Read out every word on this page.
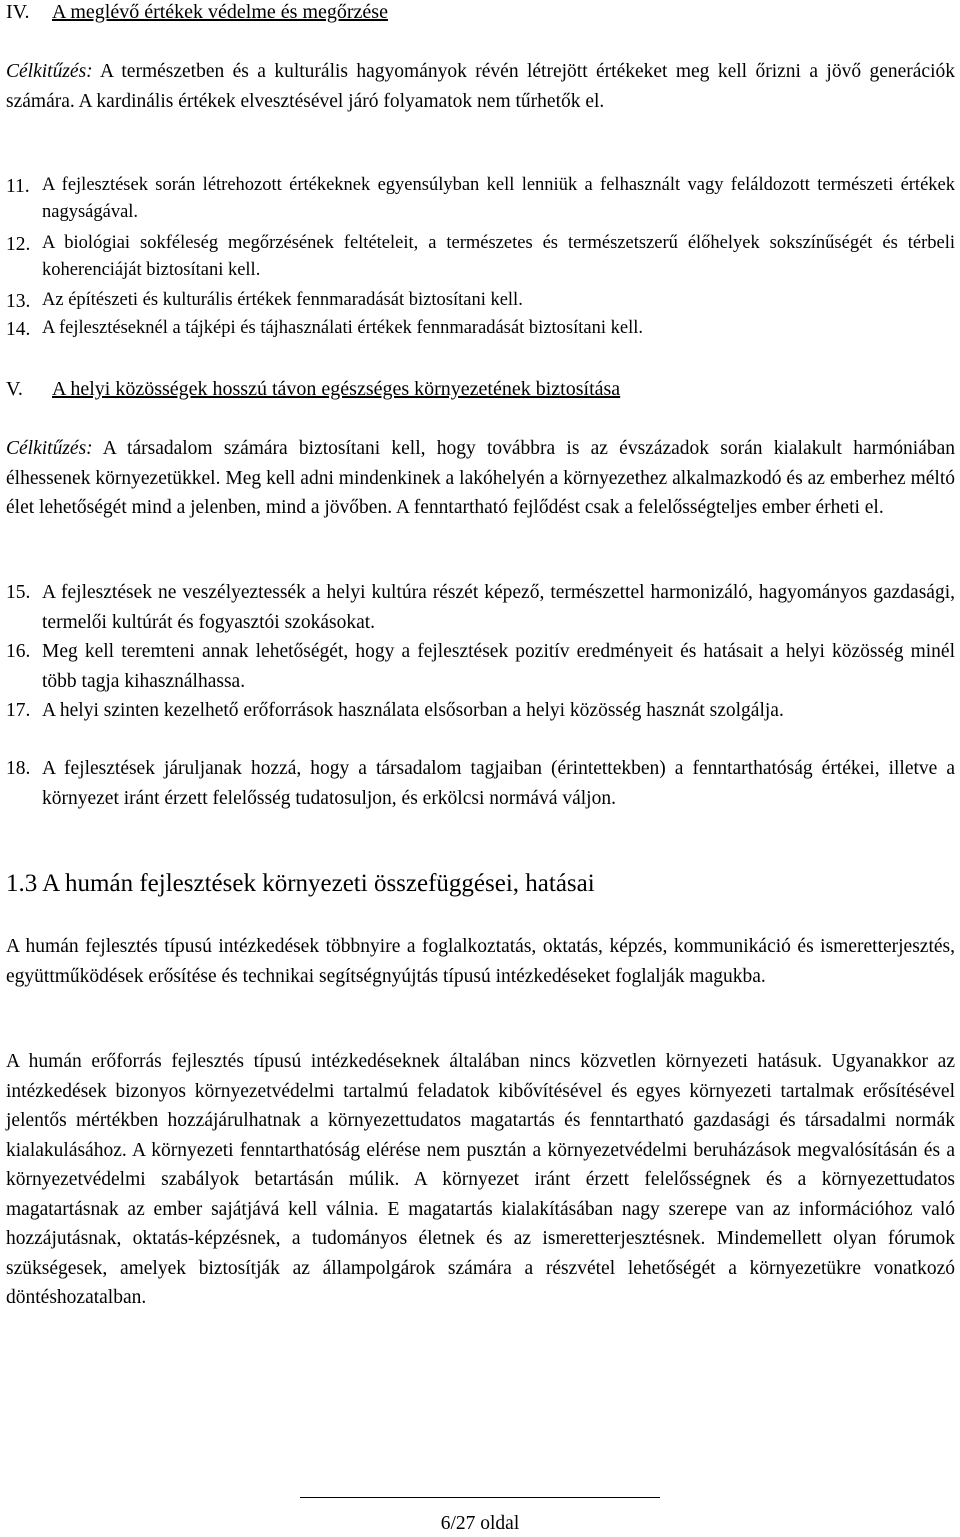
IV. A meglévő értékek védelme és megőrzése

Célkitűzés: A természetben és a kulturális hagyományok révén létrejött értékeket meg kell őrizni a jövő generációk számára. A kardinális értékek elvesztésével járó folyamatok nem tűrhetők el.

11. A fejlesztések során létrehozott értékeknek egyensúlyban kell lenniük a felhasznált vagy feláldozott természeti értékek nagyságával.
12. A biológiai sokféleség megőrzésének feltételeit, a természetes és természetszerű élőhelyek sokszínűségét és térbeli koherenciáját biztosítani kell.
13. Az építészeti és kulturális értékek fennmaradását biztosítani kell.
14. A fejlesztéseknél a tájképi és tájhasználati értékek fennmaradását biztosítani kell.
V. A helyi közösségek hosszú távon egészséges környezetének biztosítása

Célkitűzés: A társadalom számára biztosítani kell, hogy továbbra is az évszázadok során kialakult harmóniában élhessenek környezetükkel. Meg kell adni mindenkinek a lakóhelyén a környezethez alkalmazkodó és az emberhez méltó élet lehetőségét mind a jelenben, mind a jövőben. A fenntartható fejlődést csak a felelősségteljes ember érheti el.

15. A fejlesztések ne veszélyeztessék a helyi kultúra részét képező, természettel harmonizáló, hagyományos gazdasági, termelői kultúrát és fogyasztói szokásokat.
16. Meg kell teremteni annak lehetőségét, hogy a fejlesztések pozitív eredményeit és hatásait a helyi közösség minél több tagja kihasználhassa.
17. A helyi szinten kezelhető erőforrások használata elsősorban a helyi közösség hasznát szolgálja.
18. A fejlesztések járuljanak hozzá, hogy a társadalom tagjaiban (érintettekben) a fenntarthatóság értékei, illetve a környezet iránt érzett felelősség tudatosuljon, és erkölcsi normává váljon.
1.3 A humán fejlesztések környezeti összefüggései, hatásai

A humán fejlesztés típusú intézkedések többnyire a foglalkoztatás, oktatás, képzés, kommunikáció és ismeretterjesztés, együttműködések erősítése és technikai segítségnyújtás típusú intézkedéseket foglalják magukba.

A humán erőforrás fejlesztés típusú intézkedéseknek általában nincs közvetlen környezeti hatásuk. Ugyanakkor az intézkedések bizonyos környezetvédelmi tartalmú feladatok kibővítésével és egyes környezeti tartalmak erősítésével jelentős mértékben hozzájárulhatnak a környezettudatos magatartás és fenntartható gazdasági és társadalmi normák kialakulásához. A környezeti fenntarthatóság elérése nem pusztán a környezetvédelmi beruházások megvalósításán és a környezetvédelmi szabályok betartásán múlik. A környezet iránt érzett felelősségnek és a környezettudatos magatartásnak az ember sajátjává kell válnia. E magatartás kialakításában nagy szerepe van az információhoz való hozzájutásnak, oktatás-képzésnek, a tudományos életnek és az ismeretterjesztésnek. Mindemellett olyan fórumok szükségesek, amelyek biztosítják az állampolgárok számára a részvétel lehetőségét a környezetükre vonatkozó döntéshozatalban.

6/27 oldal
